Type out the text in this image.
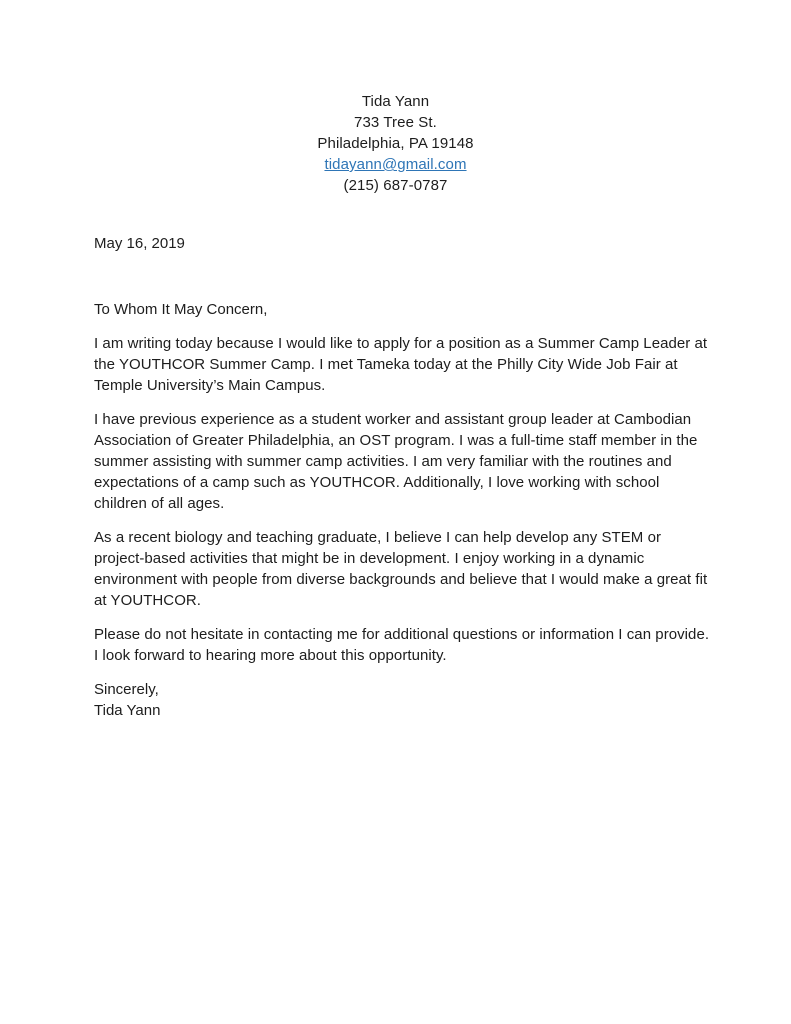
Tida Yann
733 Tree St.
Philadelphia, PA 19148
tidayann@gmail.com
(215) 687-0787
May 16, 2019
To Whom It May Concern,

I am writing today because I would like to apply for a position as a Summer Camp Leader at the YOUTHCOR Summer Camp. I met Tameka today at the Philly City Wide Job Fair at Temple University’s Main Campus.

I have previous experience as a student worker and assistant group leader at Cambodian Association of Greater Philadelphia, an OST program. I was a full-time staff member in the summer assisting with summer camp activities. I am very familiar with the routines and expectations of a camp such as YOUTHCOR. Additionally, I love working with school children of all ages.

As a recent biology and teaching graduate, I believe I can help develop any STEM or project-based activities that might be in development. I enjoy working in a dynamic environment with people from diverse backgrounds and believe that I would make a great fit at YOUTHCOR.

Please do not hesitate in contacting me for additional questions or information I can provide. I look forward to hearing more about this opportunity.

Sincerely,
Tida Yann
